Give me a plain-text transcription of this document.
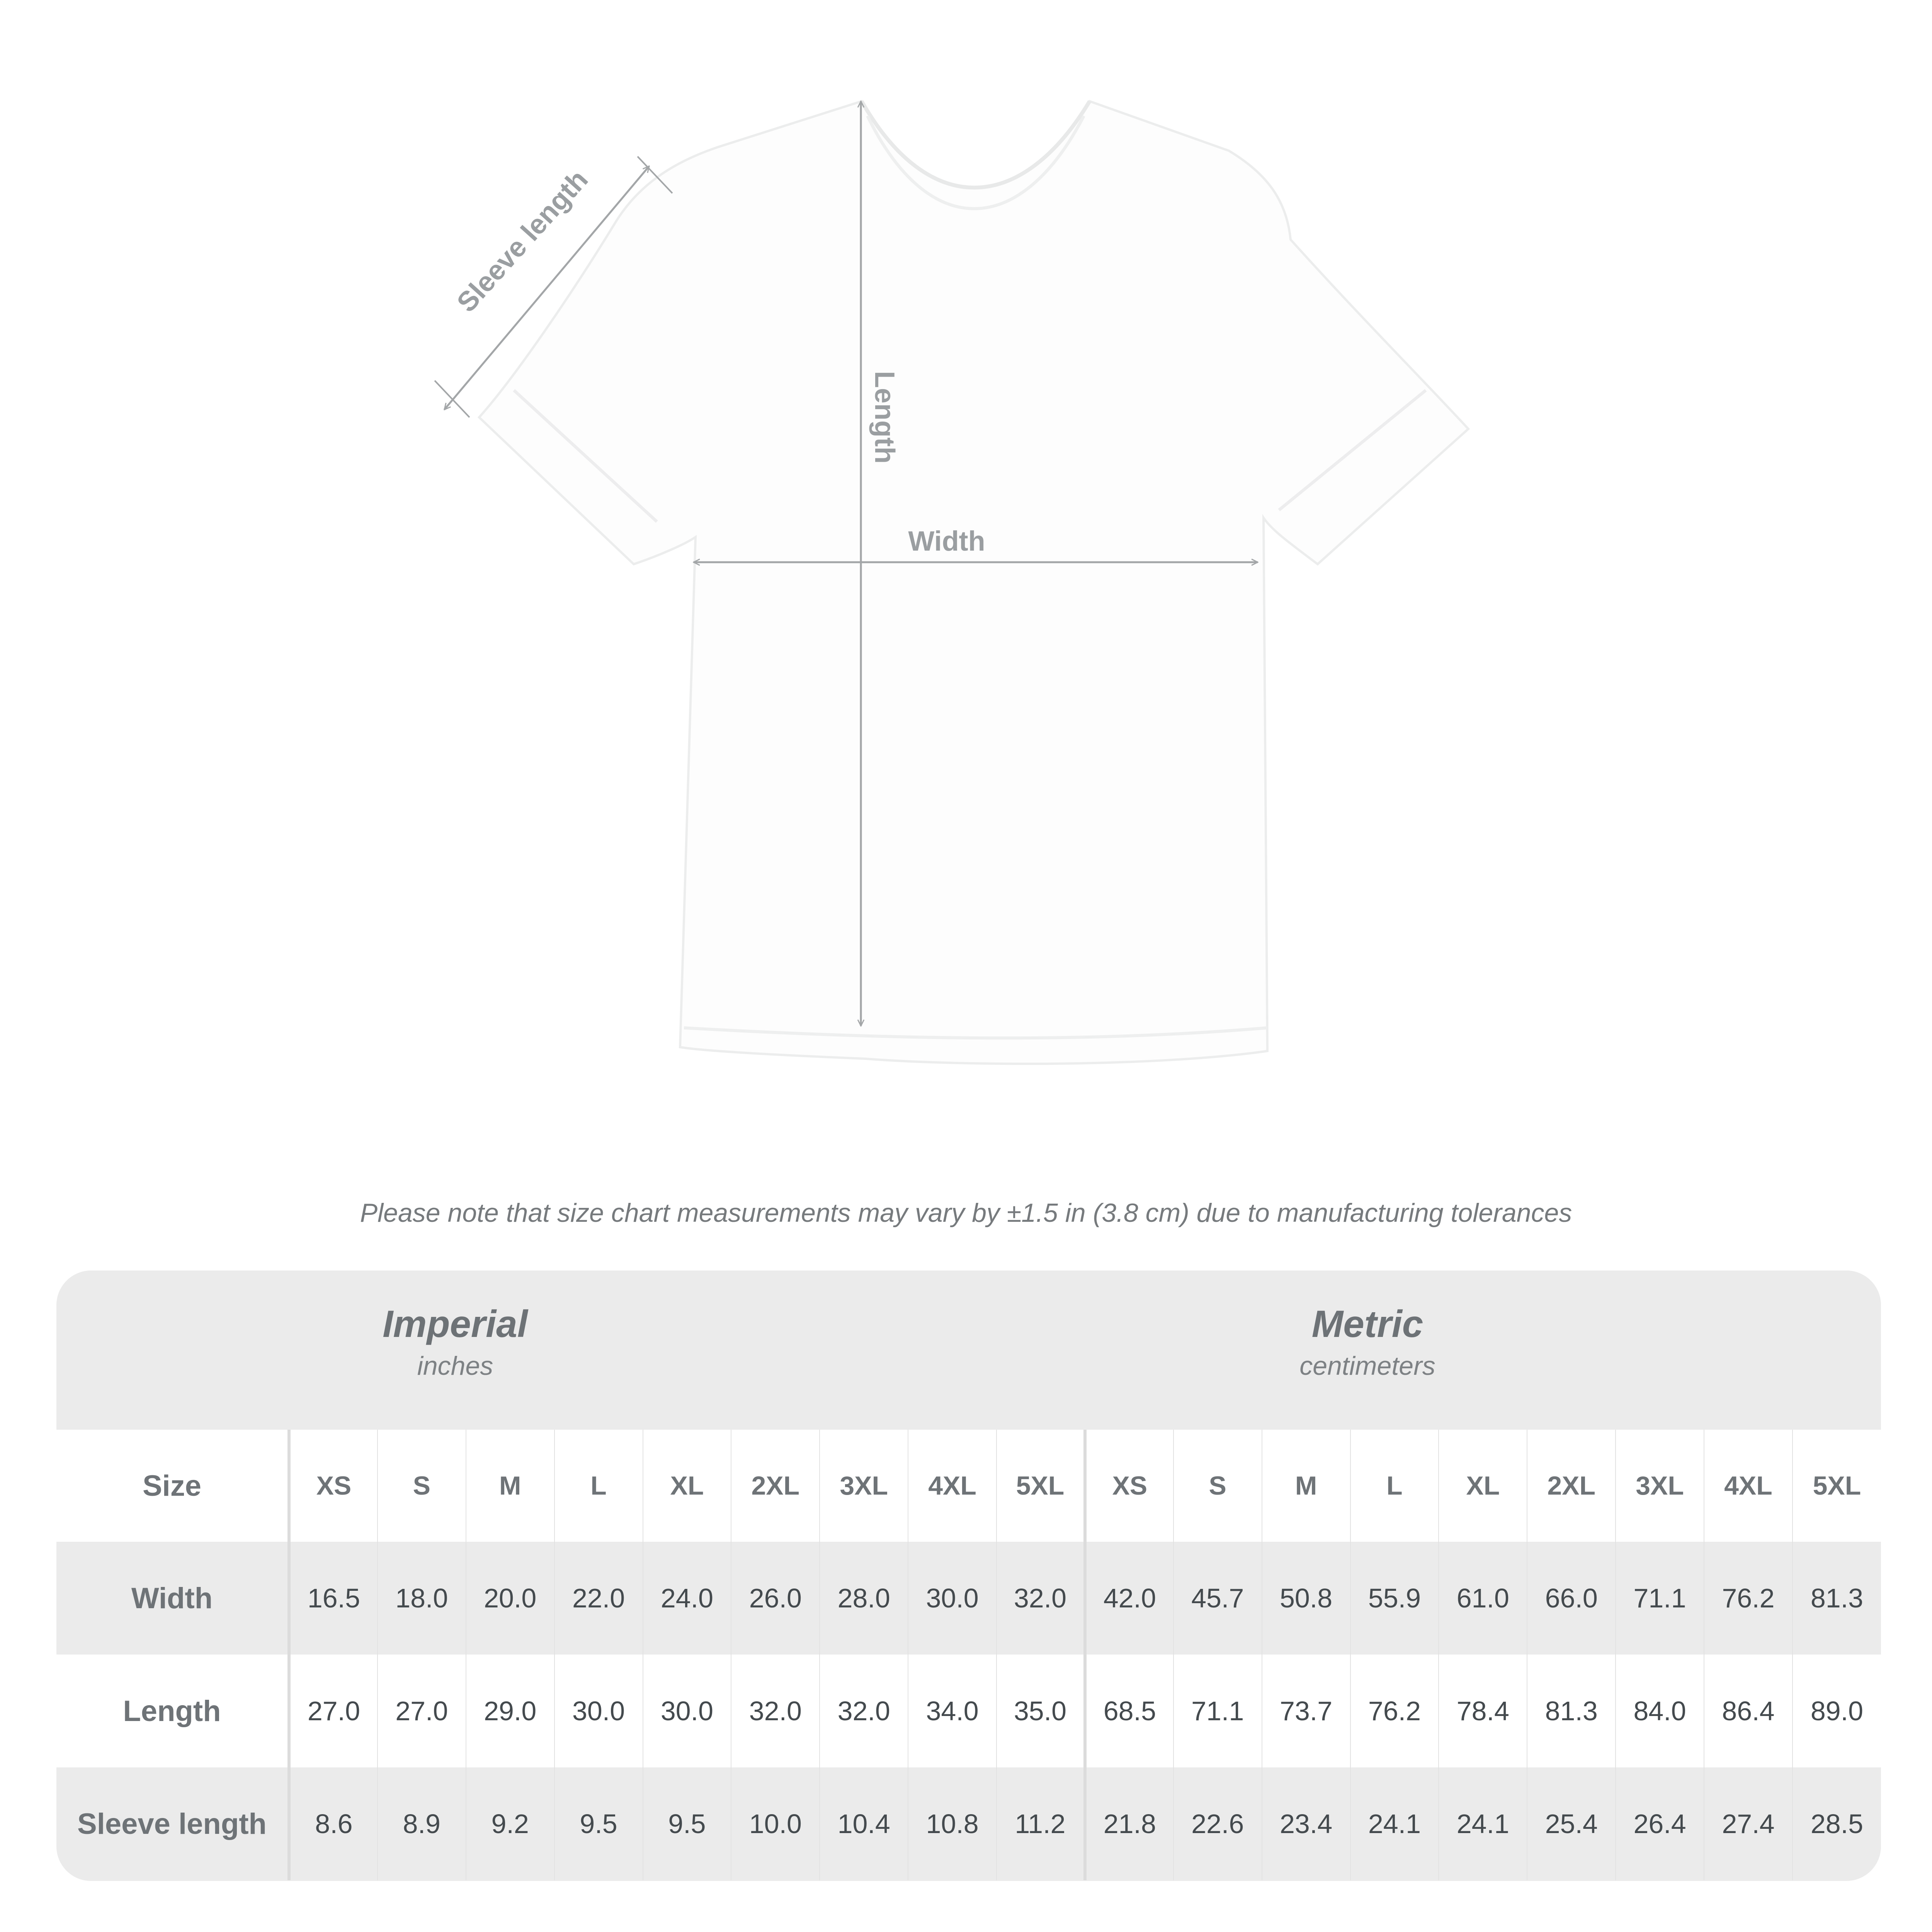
Sleeve length
Length
Width
Please note that size chart measurements may vary by ±1.5 in (3.8 cm) due to manufacturing tolerances
Imperial
inches
Metric
centimeters
Size	XS	S	M	L	XL	2XL	3XL	4XL	5XL	XS	S	M	L	XL	2XL	3XL	4XL	5XL
Width	16.5	18.0	20.0	22.0	24.0	26.0	28.0	30.0	32.0	42.0	45.7	50.8	55.9	61.0	66.0	71.1	76.2	81.3
Length	27.0	27.0	29.0	30.0	30.0	32.0	32.0	34.0	35.0	68.5	71.1	73.7	76.2	78.4	81.3	84.0	86.4	89.0
Sleeve length	8.6	8.9	9.2	9.5	9.5	10.0	10.4	10.8	11.2	21.8	22.6	23.4	24.1	24.1	25.4	26.4	27.4	28.5
